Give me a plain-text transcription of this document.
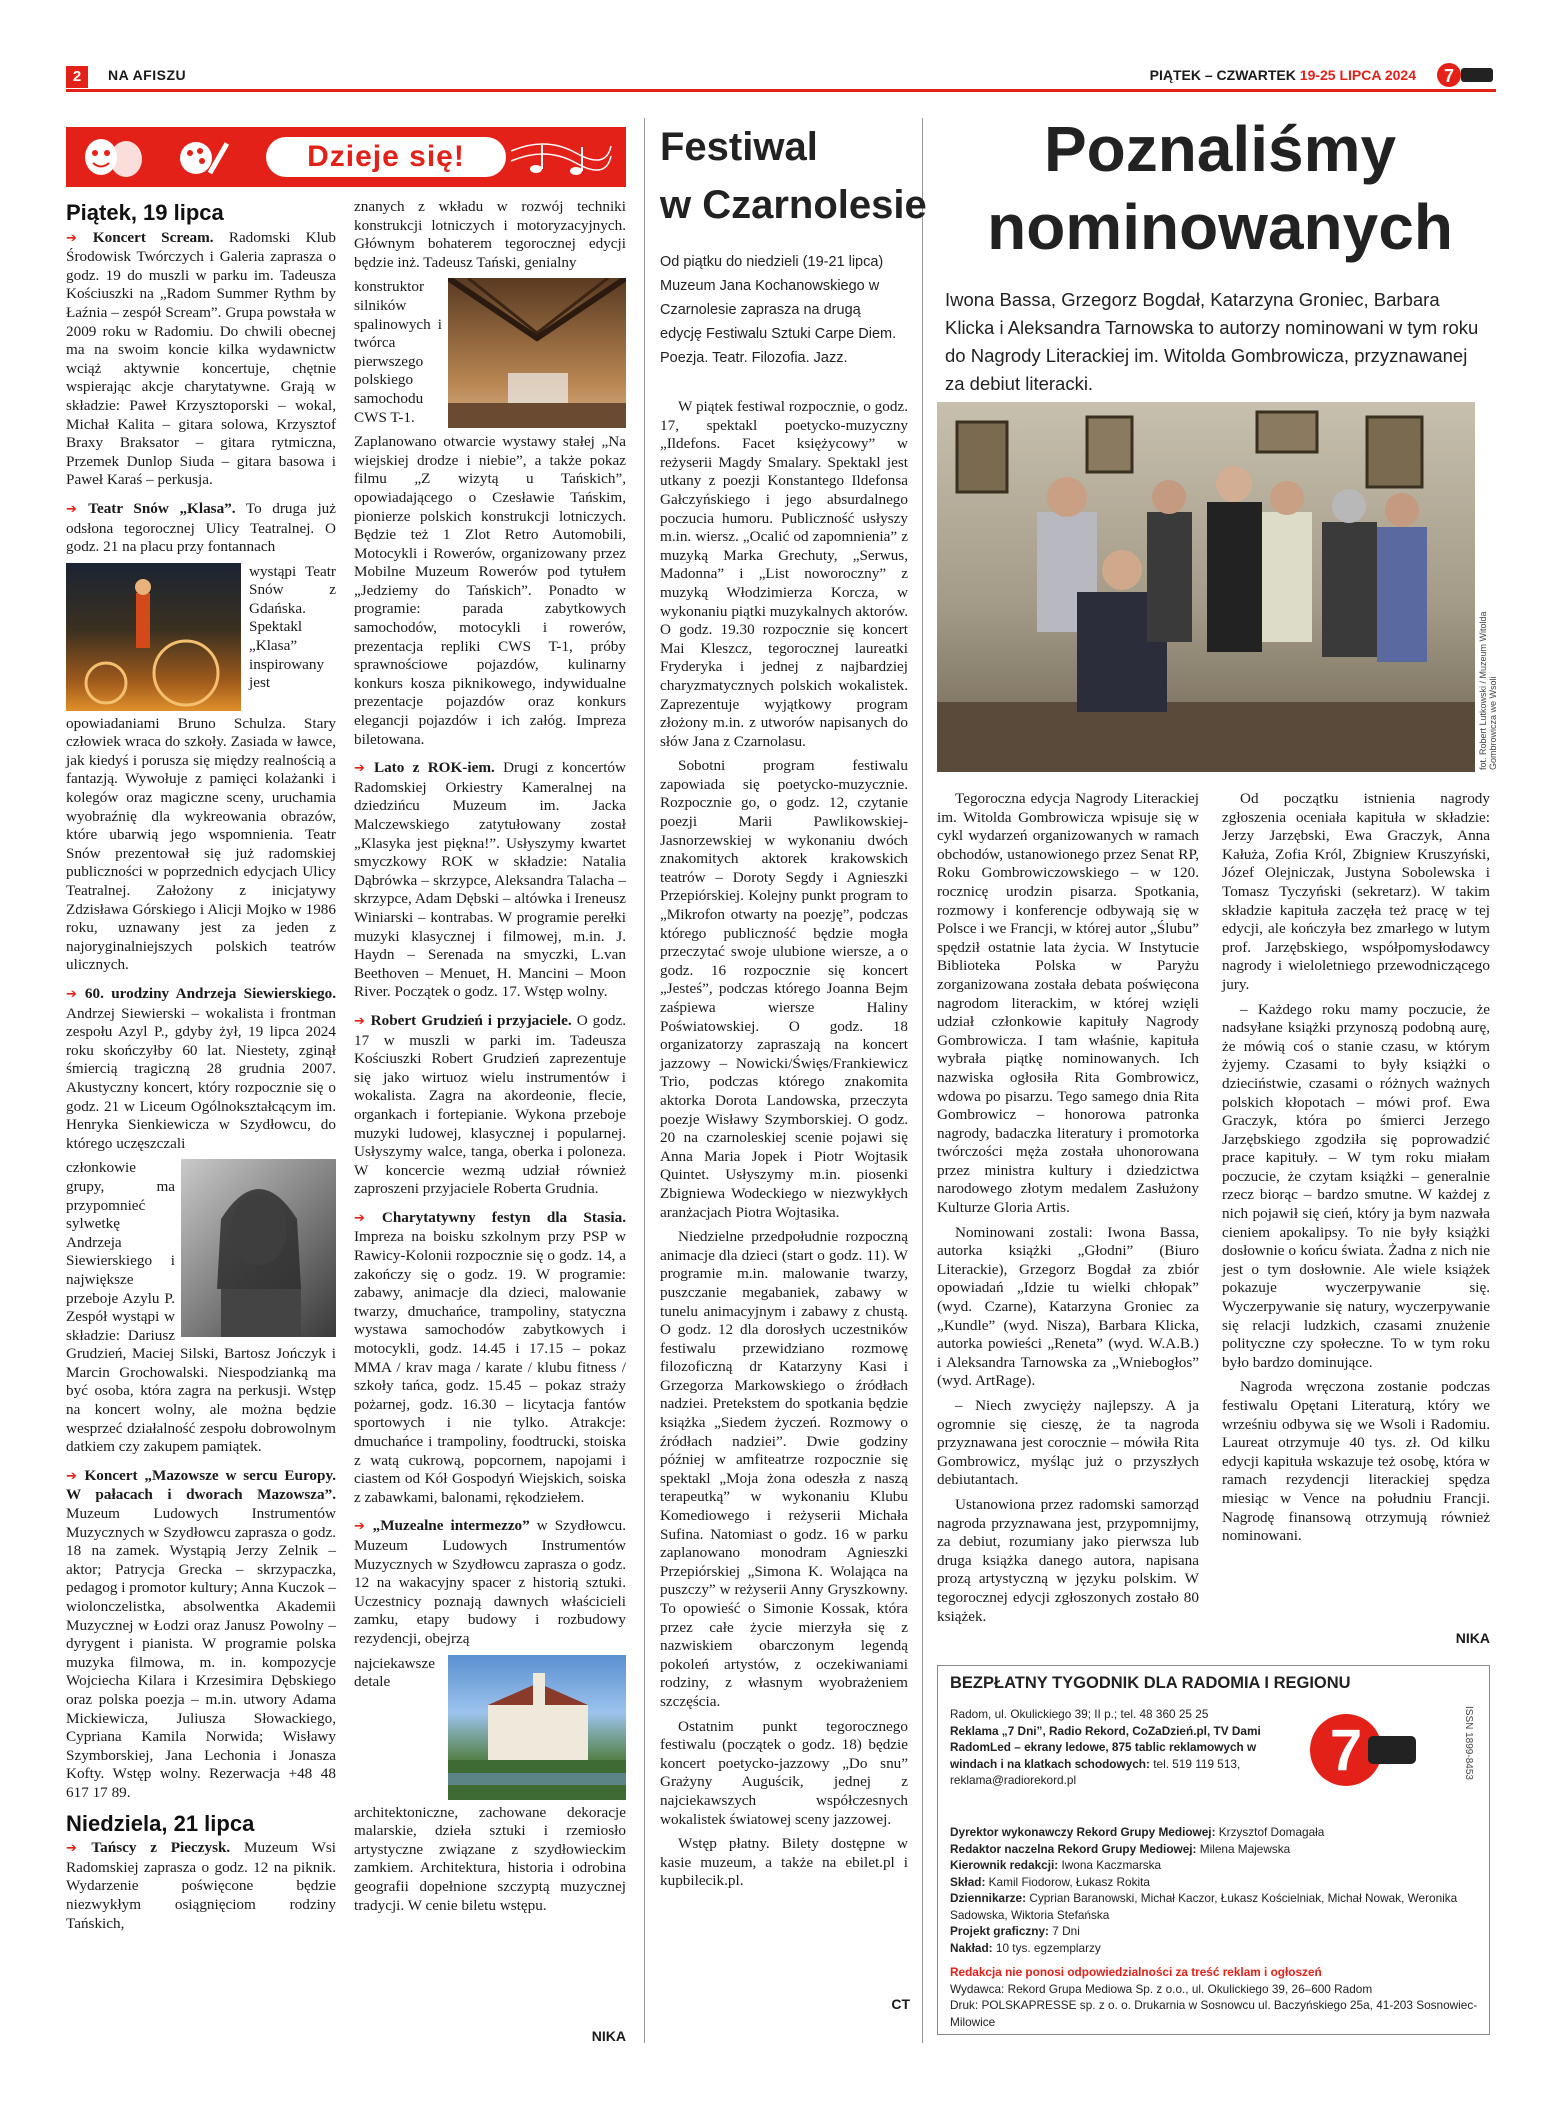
2	NA AFISZU	PIĄTEK – CZWARTEK 19-25 LIPCA 2024 7
Dzieje się!
Piątek, 19 lipca

➔ Koncert Scream. Radomski Klub Środowisk Twórczych i Galeria zaprasza o godz. 19 do muszli w parku im. Tadeusza Kościuszki na „Radom Summer Rythm by Łaźnia – zespół Scream”. Grupa powstała w 2009 roku w Radomiu. Do chwili obecnej ma na swoim koncie kilka wydawnictw wciąż aktywnie koncertuje, chętnie wspierając akcje charytatywne. Grają w składzie: Paweł Krzysztoporski – wokal, Michał Kalita – gitara solowa, Krzysztof Braxy Braksator – gitara rytmiczna, Przemek Dunlop Siuda – gitara basowa i Paweł Karaś – perkusja.

➔ Teatr Snów „Klasa”. To druga już odsłona tegorocznej Ulicy Teatralnej. O godz. 21 na placu przy fontannach

wystąpi Teatr Snów z Gdańska. Spektakl „Klasa” inspirowany jest opowiadaniami Bruno Schulza. Stary człowiek wraca do szkoły. Zasiada w ławce, jak kiedyś i porusza się między realnością a fantazją. Wywołuje z pamięci kolażanki i kolegów oraz magiczne sceny, uruchamia wyobraźnię dla wykreowania obrazów, które ubarwią jego wspomnienia. Teatr Snów prezentował się już radomskiej publiczności w poprzednich edycjach Ulicy Teatralnej. Założony z inicjatywy Zdzisława Górskiego i Alicji Mojko w 1986 roku, uznawany jest za jeden z najoryginalniejszych polskich teatrów ulicznych.

➔ 60. urodziny Andrzeja Siewierskiego. Andrzej Siewierski – wokalista i frontman zespołu Azyl P., gdyby żył, 19 lipca 2024 roku skończyłby 60 lat. Niestety, zginął śmiercią tragiczną 28 grudnia 2007. Akustyczny koncert, który rozpocznie się o godz. 21 w Liceum Ogólnokształcącym im. Henryka Sienkiewicza w Szydłowcu, do którego uczęszczali

członkowie grupy, ma przypomnieć sylwetkę Andrzeja Siewierskiego i największe przeboje Azylu P. Zespół wystąpi w składzie: Dariusz Grudzień, Maciej Silski, Bartosz Jończyk i Marcin Grochowalski. Niespodzianką ma być osoba, która zagra na perkusji. Wstęp na koncert wolny, ale można będzie wesprzeć działalność zespołu dobrowolnym datkiem czy zakupem pamiątek.

➔ Koncert „Mazowsze w sercu Europy. W pałacach i dworach Mazowsza”. Muzeum Ludowych Instrumentów Muzycznych w Szydłowcu zaprasza o godz. 18 na zamek. Wystąpią Jerzy Zelnik – aktor; Patrycja Grecka – skrzypaczka, pedagog i promotor kultury; Anna Kuczok – wiolonczelistka, absolwentka Akademii Muzycznej w Łodzi oraz Janusz Powolny – dyrygent i pianista. W programie polska muzyka filmowa, m. in. kompozycje Wojciecha Kilara i Krzesimira Dębskiego oraz polska poezja – m.in. utwory Adama Mickiewicza, Juliusza Słowackiego, Cypriana Kamila Norwida; Wisławy Szymborskiej, Jana Lechonia i Jonasza Kofty. Wstęp wolny. Rezerwacja +48 48 617 17 89.

Niedziela, 21 lipca

➔ Tańscy z Pieczysk. Muzeum Wsi Radomskiej zaprasza o godz. 12 na piknik. Wydarzenie poświęcone będzie niezwykłym osiągnięciom rodziny Tańskich,

znanych z wkładu w rozwój techniki konstrukcji lotniczych i motoryzacyjnych. Głównym bohaterem tegorocznej edycji będzie inż. Tadeusz Tański, genialny

konstruktor silników spalinowych i twórca pierwszego polskiego samochodu CWS T-1.

Zaplanowano otwarcie wystawy stałej „Na wiejskiej drodze i niebie”, a także pokaz filmu „Z wizytą u Tańskich”, opowiadającego o Czesławie Tańskim, pionierze polskich konstrukcji lotniczych. Będzie też 1 Zlot Retro Automobili, Motocykli i Rowerów, organizowany przez Mobilne Muzeum Rowerów pod tytułem „Jedziemy do Tańskich”. Ponadto w programie: parada zabytkowych samochodów, motocykli i rowerów, prezentacja repliki CWS T-1, próby sprawnościowe pojazdów, kulinarny konkurs kosza piknikowego, indywidualne prezentacje pojazdów oraz konkurs elegancji pojazdów i ich załóg. Impreza biletowana.

➔ Lato z ROK-iem. Drugi z koncertów Radomskiej Orkiestry Kameralnej na dziedzińcu Muzeum im. Jacka Malczewskiego zatytułowany został „Klasyka jest piękna!”. Usłyszymy kwartet smyczkowy ROK w składzie: Natalia Dąbrówka – skrzypce, Aleksandra Talacha – skrzypce, Adam Dębski – altówka i Ireneusz Winiarski – kontrabas. W programie perełki muzyki klasycznej i filmowej, m.in. J. Haydn – Serenada na smyczki, L.van Beethoven – Menuet, H. Mancini – Moon River. Początek o godz. 17. Wstęp wolny.

➔ Robert Grudzień i przyjaciele. O godz. 17 w muszli w parki im. Tadeusza Kościuszki Robert Grudzień zaprezentuje się jako wirtuoz wielu instrumentów i wokalista. Zagra na akordeonie, flecie, organkach i fortepianie. Wykona przeboje muzyki ludowej, klasycznej i popularnej. Usłyszymy walce, tanga, oberka i poloneza. W koncercie wezmą udział również zaproszeni przyjaciele Roberta Grudnia.

➔ Charytatywny festyn dla Stasia. Impreza na boisku szkolnym przy PSP w Rawicy-Kolonii rozpocznie się o godz. 14, a zakończy się o godz. 19. W programie: zabawy, animacje dla dzieci, malowanie twarzy, dmuchańce, trampoliny, statyczna wystawa samochodów zabytkowych i motocykli, godz. 14.45 i 17.15 – pokaz MMA / krav maga / karate / klubu fitness / szkoły tańca, godz. 15.45 – pokaz straży pożarnej, godz. 16.30 – licytacja fantów sportowych i nie tylko. Atrakcje: dmuchańce i trampoliny, foodtrucki, stoiska z watą cukrową, popcornem, napojami i ciastem od Kół Gospodyń Wiejskich, soiska z zabawkami, balonami, rękodziełem.

➔ „Muzealne intermezzo” w Szydłowcu. Muzeum Ludowych Instrumentów Muzycznych w Szydłowcu zaprasza o godz. 12 na wakacyjny spacer z historią sztuki. Uczestnicy poznają dawnych właścicieli zamku, etapy budowy i rozbudowy rezydencji, obejrzą

najciekawsze detale architektoniczne, zachowane dekoracje malarskie, dzieła sztuki i rzemiosło artystyczne związane z szydłowieckim zamkiem. Architektura, historia i odrobina geografii dopełnione szczyptą muzycznej tradycji. W cenie biletu wstępu.

NIKA
Festiwal
w Czarnolesie
Od piątku do niedzieli (19-21 lipca) Muzeum Jana Kochanowskiego w Czarnolesie zaprasza na drugą edycję Festiwalu Sztuki Carpe Diem. Poezja. Teatr. Filozofia. Jazz.

W piątek festiwal rozpocznie, o godz. 17, spektakl poetycko-muzyczny „Ildefons. Facet księżycowy” w reżyserii Magdy Smalary. Spektakl jest utkany z poezji Konstantego Ildefonsa Gałczyńskiego i jego absurdalnego poczucia humoru. Publiczność usłyszy m.in. wiersz. „Ocalić od zapomnienia” z muzyką Marka Grechuty, „Serwus, Madonna” i „List noworoczny” z muzyką Włodzimierza Korcza, w wykonaniu piątki muzykalnych aktorów. O godz. 19.30 rozpocznie się koncert Mai Kleszcz, tegorocznej laureatki Fryderyka i jednej z najbardziej charyzmatycznych polskich wokalistek. Zaprezentuje wyjątkowy program złożony m.in. z utworów napisanych do słów Jana z Czarnolasu.

Sobotni program festiwalu zapowiada się poetycko-muzycznie. Rozpocznie go, o godz. 12, czytanie poezji Marii Pawlikowskiej-Jasnorzewskiej w wykonaniu dwóch znakomitych aktorek krakowskich teatrów – Doroty Segdy i Agnieszki Przepiórskiej. Kolejny punkt program to „Mikrofon otwarty na poezję”, podczas którego publiczność będzie mogła przeczytać swoje ulubione wiersze, a o godz. 16 rozpocznie się koncert „Jesteś”, podczas którego Joanna Bejm zaśpiewa wiersze Haliny Poświatowskiej. O godz. 18 organizatorzy zapraszają na koncert jazzowy – Nowicki/Święs/Frankiewicz Trio, podczas którego znakomita aktorka Dorota Landowska, przeczyta poezje Wisławy Szymborskiej. O godz. 20 na czarnoleskiej scenie pojawi się Anna Maria Jopek i Piotr Wojtasik Quintet. Usłyszymy m.in. piosenki Zbigniewa Wodeckiego w niezwykłych aranżacjach Piotra Wojtasika.

Niedzielne przedpołudnie rozpoczną animacje dla dzieci (start o godz. 11). W programie m.in. malowanie twarzy, puszczanie megabaniek, zabawy w tunelu animacyjnym i zabawy z chustą. O godz. 12 dla dorosłych uczestników festiwalu przewidziano rozmowę filozoficzną dr Katarzyny Kasi i Grzegorza Markowskiego o źródłach nadziei. Pretekstem do spotkania będzie książka „Siedem życzeń. Rozmowy o źródłach nadziei”. Dwie godziny później w amfiteatrze rozpocznie się spektakl „Moja żona odeszła z naszą terapeutką” w wykonaniu Klubu Komediowego i reżyserii Michała Sufina. Natomiast o godz. 16 w parku zaplanowano monodram Agnieszki Przepiórskiej „Simona K. Wolająca na puszczy” w reżyserii Anny Gryszkowny. To opowieść o Simonie Kossak, która przez całe życie mierzyła się z nazwiskiem obarczonym legendą pokoleń artystów, z oczekiwaniami rodziny, z własnym wyobrażeniem szczęścia.

Ostatnim punkt tegorocznego festiwalu (początek o godz. 18) będzie koncert poetycko-jazzowy „Do snu” Grażyny Auguścik, jednej z najciekawszych współczesnych wokalistek światowej sceny jazzowej.

Wstęp płatny. Bilety dostępne w kasie muzeum, a także na ebilet.pl i kupbilecik.pl.

CT
Poznaliśmy
nominowanych
Iwona Bassa, Grzegorz Bogdał, Katarzyna Groniec, Barbara Klicka i Aleksandra Tarnowska to autorzy nominowani w tym roku do Nagrody Literackiej im. Witolda Gombrowicza, przyznawanej za debiut literacki.
fot. Robert Lutkowski / Muzeum Witolda Gombrowicza we Wsoli

Tegoroczna edycja Nagrody Literackiej im. Witolda Gombrowicza wpisuje się w cykl wydarzeń organizowanych w ramach obchodów, ustanowionego przez Senat RP, Roku Gombrowiczowskiego – w 120. rocznicę urodzin pisarza. Spotkania, rozmowy i konferencje odbywają się w Polsce i we Francji, w której autor „Ślubu” spędził ostatnie lata życia. W Instytucie Biblioteka Polska w Paryżu zorganizowana została debata poświęcona nagrodom literackim, w której wzięli udział członkowie kapituły Nagrody Gombrowicza. I tam właśnie, kapituła wybrała piątkę nominowanych. Ich nazwiska ogłosiła Rita Gombrowicz, wdowa po pisarzu. Tego samego dnia Rita Gombrowicz – honorowa patronka nagrody, badaczka literatury i promotorka twórczości męża została uhonorowana przez ministra kultury i dziedzictwa narodowego złotym medalem Zasłużony Kulturze Gloria Artis.

Nominowani zostali: Iwona Bassa, autorka książki „Głodni” (Biuro Literackie), Grzegorz Bogdał za zbiór opowiadań „Idzie tu wielki chłopak” (wyd. Czarne), Katarzyna Groniec za „Kundle” (wyd. Nisza), Barbara Klicka, autorka powieści „Reneta” (wyd. W.A.B.) i Aleksandra Tarnowska za „Wniebogłos” (wyd. ArtRage).

– Niech zwycięży najlepszy. A ja ogromnie się cieszę, że ta nagroda przyznawana jest corocznie – mówiła Rita Gombrowicz, myśląc już o przyszłych debiutantach.

Ustanowiona przez radomski samorząd nagroda przyznawana jest, przypomnijmy, za debiut, rozumiany jako pierwsza lub druga książka danego autora, napisana prozą artystyczną w języku polskim. W tegorocznej edycji zgłoszonych zostało 80 książek.

Od początku istnienia nagrody zgłoszenia oceniała kapituła w składzie: Jerzy Jarzębski, Ewa Graczyk, Anna Kałuża, Zofia Król, Zbigniew Kruszyński, Józef Olejniczak, Justyna Sobolewska i Tomasz Tyczyński (sekretarz). W takim składzie kapituła zaczęła też pracę w tej edycji, ale kończyła bez zmarłego w lutym prof. Jarzębskiego, współpomysłodawcy nagrody i wieloletniego przewodniczącego jury.

– Każdego roku mamy poczucie, że nadsyłane książki przynoszą podobną aurę, że mówią coś o stanie czasu, w którym żyjemy. Czasami to były książki o dzieciństwie, czasami o różnych ważnych polskich kłopotach – mówi prof. Ewa Graczyk, która po śmierci Jerzego Jarzębskiego zgodziła się poprowadzić prace kapituły. – W tym roku miałam poczucie, że czytam książki – generalnie rzecz biorąc – bardzo smutne. W każdej z nich pojawił się cień, który ja bym nazwała cieniem apokalipsy. To nie były książki dosłownie o końcu świata. Żadna z nich nie jest o tym dosłownie. Ale wiele książek pokazuje wyczerpywanie się. Wyczerpywanie się natury, wyczerpywanie się relacji ludzkich, czasami znużenie polityczne czy społeczne. To w tym roku było bardzo dominujące.

Nagroda wręczona zostanie podczas festiwalu Opętani Literaturą, który we wrześniu odbywa się we Wsoli i Radomiu. Laureat otrzymuje 40 tys. zł. Od kilku edycji kapituła wskazuje też osobę, która w ramach rezydencji literackiej spędza miesiąc w Vence na południu Francji. Nagrodę finansową otrzymują również nominowani.

NIKA
BEZPŁATNY TYGODNIK DLA RADOMIA I REGIONU
Radom, ul. Okulickiego 39; II p.; tel. 48 360 25 25
Reklama „7 Dni”, Radio Rekord, CoZaDzień.pl, TV Dami RadomLed – ekrany ledowe, 875 tablic reklamowych w windach i na klatkach schodowych: tel. 519 119 513,
reklama@radiorekord.pl	7	ISSN 1899-8453
Dyrektor wykonawczy Rekord Grupy Mediowej: Krzysztof Domagała
Redaktor naczelna Rekord Grupy Mediowej: Milena Majewska
Kierownik redakcji: Iwona Kaczmarska
Skład: Kamil Fiodorow, Łukasz Rokita
Dziennikarze: Cyprian Baranowski, Michał Kaczor, Łukasz Kościelniak, Michał Nowak, Weronika Sadowska, Wiktoria Stefańska
Projekt graficzny: 7 Dni
Nakład: 10 tys. egzemplarzy
Redakcja nie ponosi odpowiedzialności za treść reklam i ogłoszeń
Wydawca: Rekord Grupa Mediowa Sp. z o.o., ul. Okulickiego 39, 26–600 Radom
Druk: POLSKAPRESSE sp. z o. o. Drukarnia w Sosnowcu ul. Baczyńskiego 25a, 41-203 Sosnowiec-Milowice
